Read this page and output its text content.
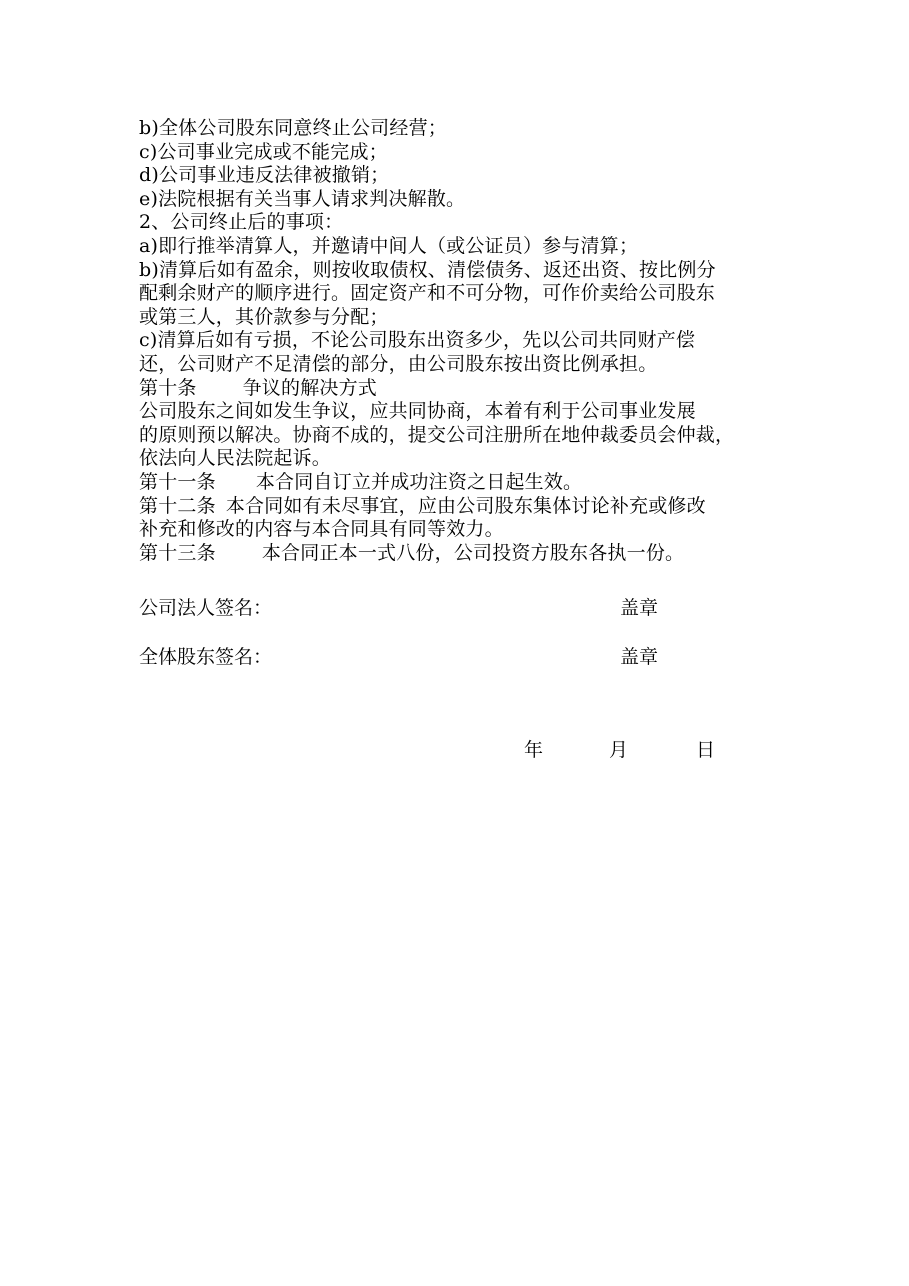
b)全体公司股东同意终止公司经营；
c)公司事业完成或不能完成；
d)公司事业违反法律被撤销；
e)法院根据有关当事人请求判决解散。
2、公司终止后的事项：
a)即行推举清算人，并邀请中间人（或公证员）参与清算；
b)清算后如有盈余，则按收取债权、清偿债务、返还出资、按比例分
配剩余财产的顺序进行。固定资产和不可分物，可作价卖给公司股东
或第三人，其价款参与分配；
c)清算后如有亏损，不论公司股东出资多少，先以公司共同财产偿
还，公司财产不足清偿的部分，由公司股东按出资比例承担。
第十条 争议的解决方式
公司股东之间如发生争议，应共同协商，本着有利于公司事业发展
的原则预以解决。协商不成的，提交公司注册所在地仲裁委员会仲裁，
依法向人民法院起诉。
第十一条 本合同自订立并成功注资之日起生效。
第十二条 本合同如有未尽事宜，应由公司股东集体讨论补充或修改
补充和修改的内容与本合同具有同等效力。
第十三条 本合同正本一式八份，公司投资方股东各执一份。
公司法人签名：	盖章
全体股东签名：	盖章
年	月	日
